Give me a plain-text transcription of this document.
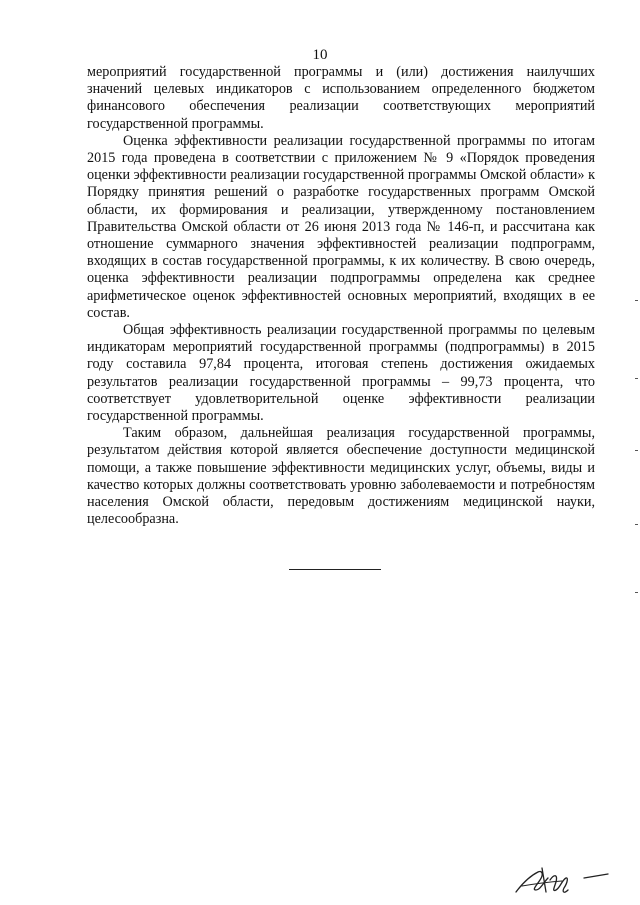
10

мероприятий государственной программы и (или) достижения наилучших значений целевых индикаторов с использованием определенного бюджетом финансового обеспечения реализации соответствующих мероприятий государственной программы.

Оценка эффективности реализации государственной программы по итогам 2015 года проведена в соответствии с приложением № 9 «Порядок проведения оценки эффективности реализации государственной программы Омской области» к Порядку принятия решений о разработке государственных программ Омской области, их формирования и реализации, утвержденному постановлением Правительства Омской области от 26 июня 2013 года № 146-п, и рассчитана как отношение суммарного значения эффективностей реализации подпрограмм, входящих в состав государственной программы, к их количеству. В свою очередь, оценка эффективности реализации подпрограммы определена как среднее арифметическое оценок эффективностей основных мероприятий, входящих в ее состав.

Общая эффективность реализации государственной программы по целевым индикаторам мероприятий государственной программы (подпрограммы) в 2015 году составила 97,84 процента, итоговая степень достижения ожидаемых результатов реализации государственной программы – 99,73 процента, что соответствует удовлетворительной оценке эффективности реализации государственной программы.

Таким образом, дальнейшая реализация государственной программы, результатом действия которой является обеспечение доступности медицинской помощи, а также повышение эффективности медицинских услуг, объемы, виды и качество которых должны соответствовать уровню заболеваемости и потребностям населения Омской области, передовым достижениям медицинской науки, целесообразна.
